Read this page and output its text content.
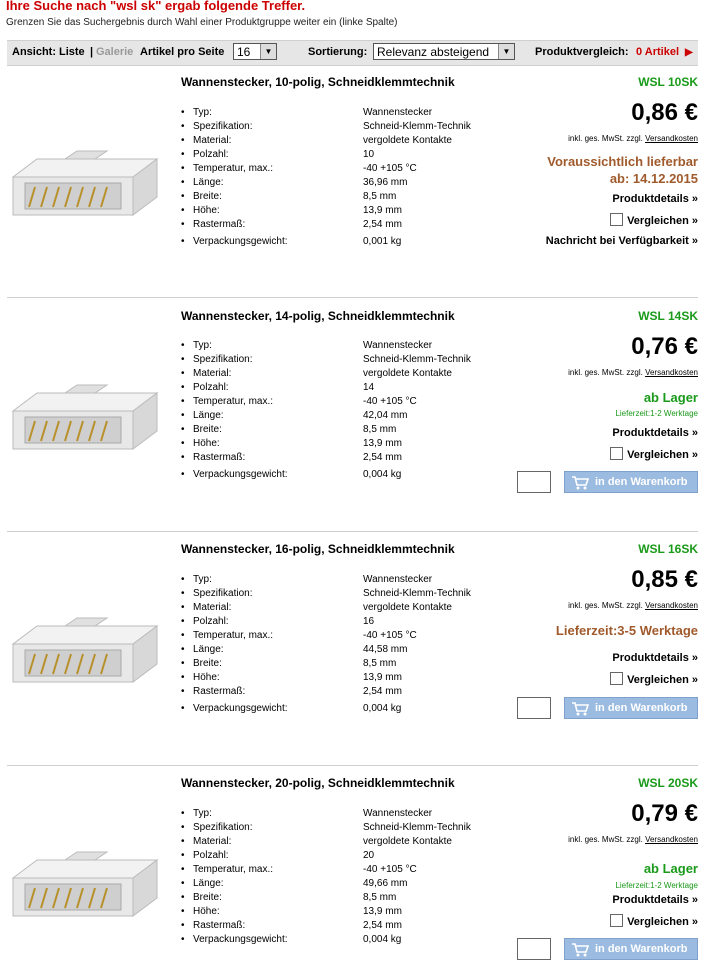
Ihre Suche nach "wsl sk" ergab folgende Treffer.
Grenzen Sie das Suchergebnis durch Wahl einer Produktgruppe weiter ein (linke Spalte)
Ansicht: Liste | Galerie Artikel pro Seite	16	▼	Sortierung: Relevanz absteigend	▼	Produktvergleich: 0 Artikel ▶
Wannenstecker, 10-polig, Schneidklemmtechnik	WSL 10SK
• Typ:	Wannenstecker
• Spezifikation:	Schneid-Klemm-Technik
• Material:	vergoldete Kontakte
• Polzahl:	10
• Temperatur, max.:	-40 +105 °C
• Länge:	36,96 mm
• Breite:	8,5 mm
• Höhe:	13,9 mm
• Rastermaß:	2,54 mm
• Verpackungsgewicht:	0,001 kg
0,86 €
inkl. ges. MwSt. zzgl. Versandkosten
Voraussichtlich lieferbar
ab: 14.12.2015
Produktdetails »
Vergleichen »
Nachricht bei Verfügbarkeit »
Wannenstecker, 14-polig, Schneidklemmtechnik	WSL 14SK
• Typ:	Wannenstecker
• Spezifikation:	Schneid-Klemm-Technik
• Material:	vergoldete Kontakte
• Polzahl:	14
• Temperatur, max.:	-40 +105 °C
• Länge:	42,04 mm
• Breite:	8,5 mm
• Höhe:	13,9 mm
• Rastermaß:	2,54 mm
• Verpackungsgewicht:	0,004 kg
0,76 €
inkl. ges. MwSt. zzgl. Versandkosten
ab Lager
Lieferzeit:1-2 Werktage
Produktdetails »
Vergleichen »
in den Warenkorb
Wannenstecker, 16-polig, Schneidklemmtechnik	WSL 16SK
• Typ:	Wannenstecker
• Spezifikation:	Schneid-Klemm-Technik
• Material:	vergoldete Kontakte
• Polzahl:	16
• Temperatur, max.:	-40 +105 °C
• Länge:	44,58 mm
• Breite:	8,5 mm
• Höhe:	13,9 mm
• Rastermaß:	2,54 mm
• Verpackungsgewicht:	0,004 kg
0,85 €
inkl. ges. MwSt. zzgl. Versandkosten
Lieferzeit:3-5 Werktage
Produktdetails »
Vergleichen »
in den Warenkorb
Wannenstecker, 20-polig, Schneidklemmtechnik	WSL 20SK
• Typ:	Wannenstecker
• Spezifikation:	Schneid-Klemm-Technik
• Material:	vergoldete Kontakte
• Polzahl:	20
• Temperatur, max.:	-40 +105 °C
• Länge:	49,66 mm
• Breite:	8,5 mm
• Höhe:	13,9 mm
• Rastermaß:	2,54 mm
• Verpackungsgewicht:	0,004 kg
0,79 €
inkl. ges. MwSt. zzgl. Versandkosten
ab Lager
Lieferzeit:1-2 Werktage
Produktdetails »
Vergleichen »
in den Warenkorb
